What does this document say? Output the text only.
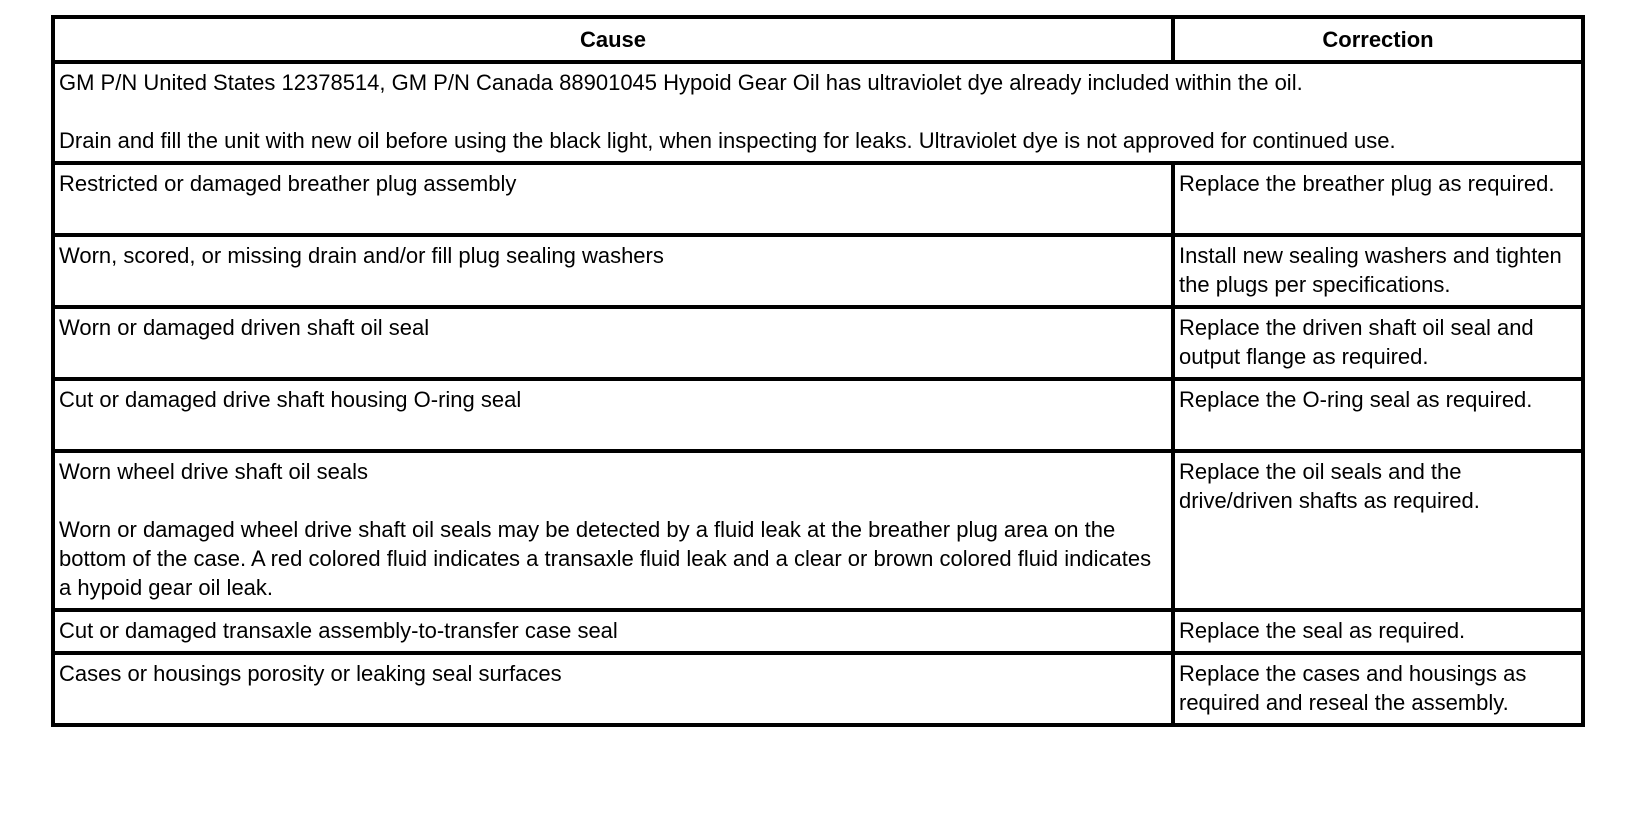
Cause	Correction

GM P/N United States 12378514, GM P/N Canada 88901045 Hypoid Gear Oil has ultraviolet dye already included within the oil.

Drain and fill the unit with new oil before using the black light, when inspecting for leaks. Ultraviolet dye is not approved for continued use.	

Restricted or damaged breather plug assembly	Replace the breather plug as required.
Worn, scored, or missing drain and/or fill plug sealing washers	Install new sealing washers and tighten the plugs per specifications.
Worn or damaged driven shaft oil seal	Replace the driven shaft oil seal and output flange as required.
Cut or damaged drive shaft housing O-ring seal	Replace the O-ring seal as required.

Worn wheel drive shaft oil seals

Worn or damaged wheel drive shaft oil seals may be detected by a fluid leak at the breather plug area on the bottom of the case. A red colored fluid indicates a transaxle fluid leak and a clear or brown colored fluid indicates a hypoid gear oil leak.	Replace the oil seals and the drive/driven shafts as required.
Cut or damaged transaxle assembly-to-transfer case seal	Replace the seal as required.
Cases or housings porosity or leaking seal surfaces	Replace the cases and housings as required and reseal the assembly.
